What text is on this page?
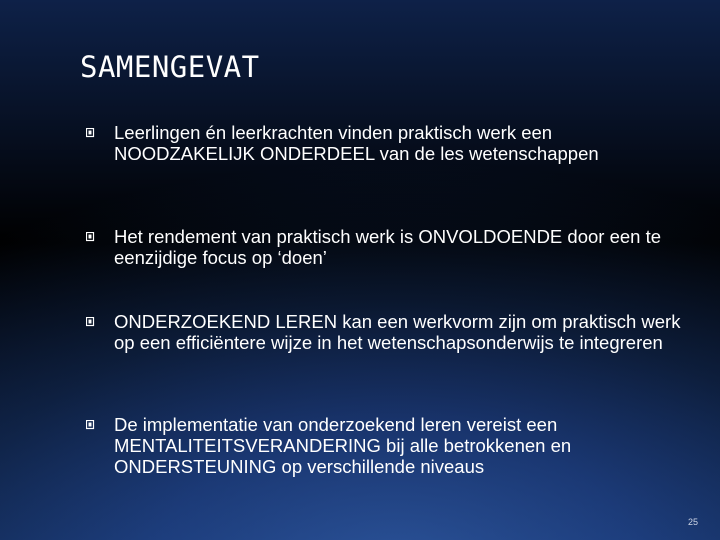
SAMENGEVAT
Leerlingen én leerkrachten vinden praktisch werk een NOODZAKELIJK ONDERDEEL van de les wetenschappen
Het rendement van praktisch werk is ONVOLDOENDE door een te eenzijdige focus op ‘doen’
ONDERZOEKEND LEREN kan een werkvorm zijn om praktisch werk op een efficiëntere wijze in het wetenschapsonderwijs te integreren
De implementatie van onderzoekend leren vereist een MENTALITEITSVERANDERING bij alle betrokkenen en ONDERSTEUNING op verschillende niveaus
25
